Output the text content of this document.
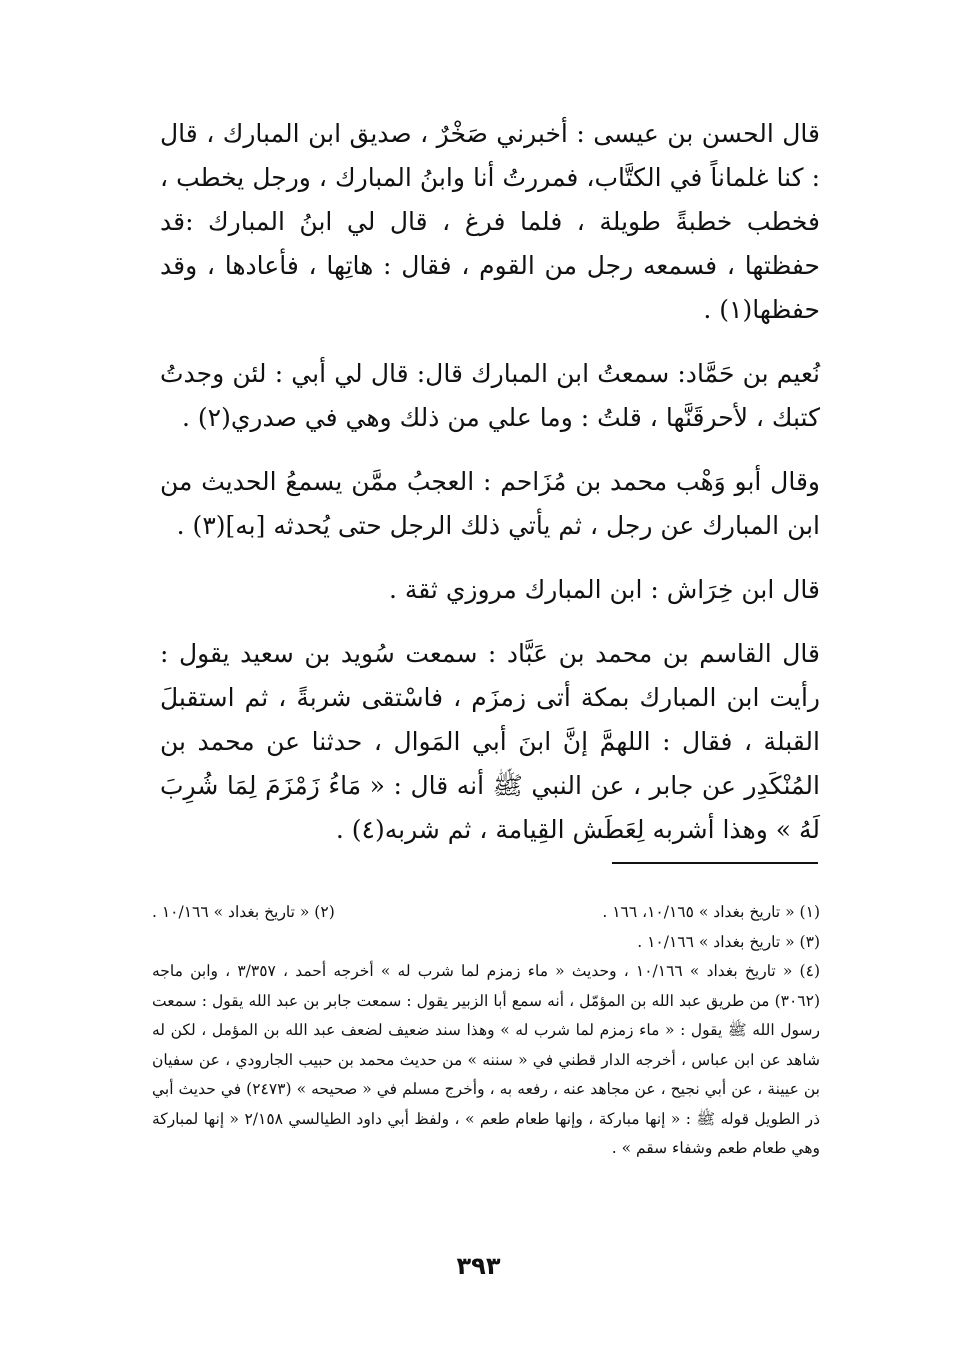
قال الحسن بن عيسى : أخبرني صَخْرٌ ، صديق ابن المبارك ، قال : كنا غلماناً في الكتَّاب، فمررتُ أنا وابنُ المبارك ، ورجل يخطب ، فخطب خطبةً طويلة ، فلما فرغ ، قال لي ابنُ المبارك :قد حفظتها ، فسمعه رجل من القوم ، فقال : هاتِها ، فأعادها ، وقد حفظها(١) .

نُعيم بن حَمَّاد: سمعتُ ابن المبارك قال: قال لي أبي : لئن وجدتُ كتبك ، لأحرقَنَّها ، قلتُ : وما علي من ذلك وهي في صدري(٢) .

وقال أبو وَهْب محمد بن مُزَاحم : العجبُ ممَّن يسمعُ الحديث من ابن المبارك عن رجل ، ثم يأتي ذلك الرجل حتى يُحدثه [به](٣) .

قال ابن خِرَاش : ابن المبارك مروزي ثقة .

قال القاسم بن محمد بن عَبَّاد : سمعت سُويد بن سعيد يقول : رأيت ابن المبارك بمكة أتى زمزَم ، فاسْتقى شربةً ، ثم استقبلَ القبلة ، فقال : اللهمَّ إنَّ ابنَ أبي المَوال ، حدثنا عن محمد بن المُنْكَدِر عن جابر ، عن النبي ﷺ أنه قال : « مَاءُ زَمْزَمَ لِمَا شُرِبَ لَهُ » وهذا أشربه لِعَطَش القِيامة ، ثم شربه(٤) .

(١) « تاريخ بغداد » ١٠/١٦٥، ١٦٦ .
(٢) « تاريخ بغداد » ١٠/١٦٦ .

(٣) « تاريخ بغداد » ١٠/١٦٦ .

(٤) « تاريخ بغداد » ١٠/١٦٦ ، وحديث « ماء زمزم لما شرب له » أخرجه أحمد ، ٣/٣٥٧ ، وابن ماجه (٣٠٦٢) من طريق عبد الله بن المؤمّل ، أنه سمع أبا الزبير يقول : سمعت جابر بن عبد الله يقول : سمعت رسول الله ﷺ يقول : « ماء زمزم لما شرب له » وهذا سند ضعيف لضعف عبد الله بن المؤمل ، لكن له شاهد عن ابن عباس ، أخرجه الدار قطني في « سننه » من حديث محمد بن حبيب الجارودي ، عن سفيان بن عيينة ، عن أبي نجيح ، عن مجاهد عنه ، رفعه به ، وأخرج مسلم في « صحيحه » (٢٤٧٣) في حديث أبي ذر الطويل قوله ﷺ : « إنها مباركة ، وإنها طعام طعم » ، ولفظ أبي داود الطيالسي ٢/١٥٨ « إنها لمباركة وهي طعام طعم وشفاء سقم » .

٣٩٣
